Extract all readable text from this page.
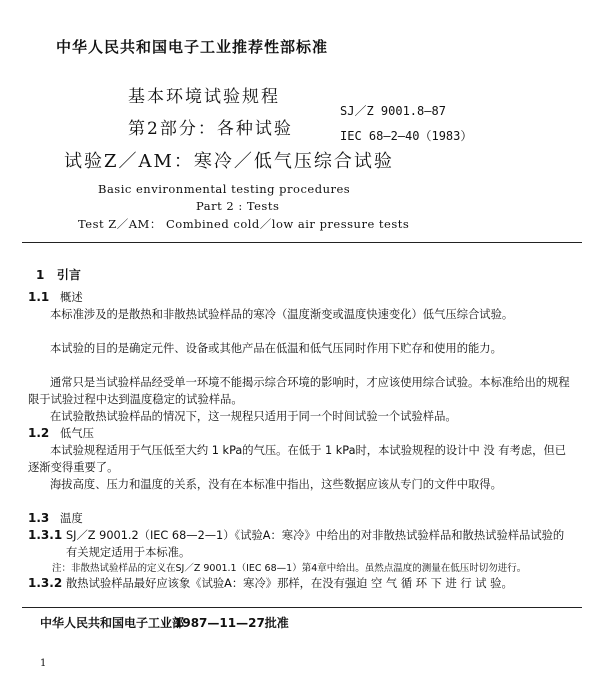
中华人民共和国电子工业推荐性部标准
基本环境试验规程
第2部分：各种试验
试验Z／AM：寒冷／低气压综合试验
SJ／Z 9001.8—87
IEC 68—2—40（1983）
Basic environmental testing procedures
Part 2 : Tests
Test Z／AM： Combined cold／low air pressure tests
1 引言
1.1 概述
本标准涉及的是散热和非散热试验样品的寒冷（温度渐变或温度快速变化）低气压综合试验。
本试验的目的是确定元件、设备或其他产品在低温和低气压同时作用下贮存和使用的能力。
通常只是当试验样品经受单一环境不能揭示综合环境的影响时，才应该使用综合试验。本标准给出的规程限于试验过程中达到温度稳定的试验样品。
在试验散热试验样品的情况下，这一规程只适用于同一个时间试验一个试验样品。
1.2 低气压
本试验规程适用于气压低至大约 1 kPa的气压。在低于 1 kPa时，本试验规程的设计中 没 有考虑，但已逐渐变得重要了。
海拔高度、压力和温度的关系，没有在本标准中指出，这些数据应该从专门的文件中取得。
1.3 温度
1.3.1 SJ／Z 9001.2（IEC 68—2—1）《试验A：寒冷》中给出的对非散热试验样品和散热试验样品试验的有关规定适用于本标准。
注：非散热试验样品的定义在SJ／Z 9001.1（IEC 68—1）第4章中给出。虽然点温度的测量在低压时切勿进行。
1.3.2 散热试验样品最好应该象《试验A：寒冷》那样，在没有强迫 空 气 循 环 下 进 行 试 验。
中华人民共和国电子工业部
1987—11—27批准
1
